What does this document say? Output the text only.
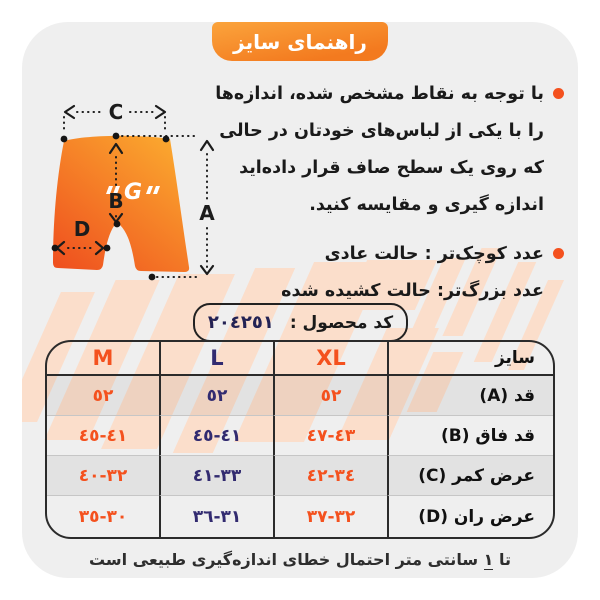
راهنمای سایز
G
C
B	A
D
با توجه به نقاط مشخص شده، اندازه‌ها
را با یکی از لباس‌های خودتان در حالی
که روی یک سطح صاف قرار داده‌اید
اندازه گیری و مقایسه کنید.
عدد کوچک‌تر : حالت عادی
عدد بزرگ‌تر: حالت کشیده شده
کد محصول :
٢٠٤٢٥١
M	L	XL	سایز
٥٢	٥٢	٥٢	قد (A)
٤١-٤٥	٤١-٤٥	٤٣-٤٧	قد فاق (B)
٣٢-٤٠	٣٣-٤١	٣٤-٤٢	عرض کمر (C)
٣٠-٣٥	٣١-٣٦	٣٢-٣٧	عرض ران (D)
تا ١ سانتی متر احتمال خطای اندازه‌گیری طبیعی است
